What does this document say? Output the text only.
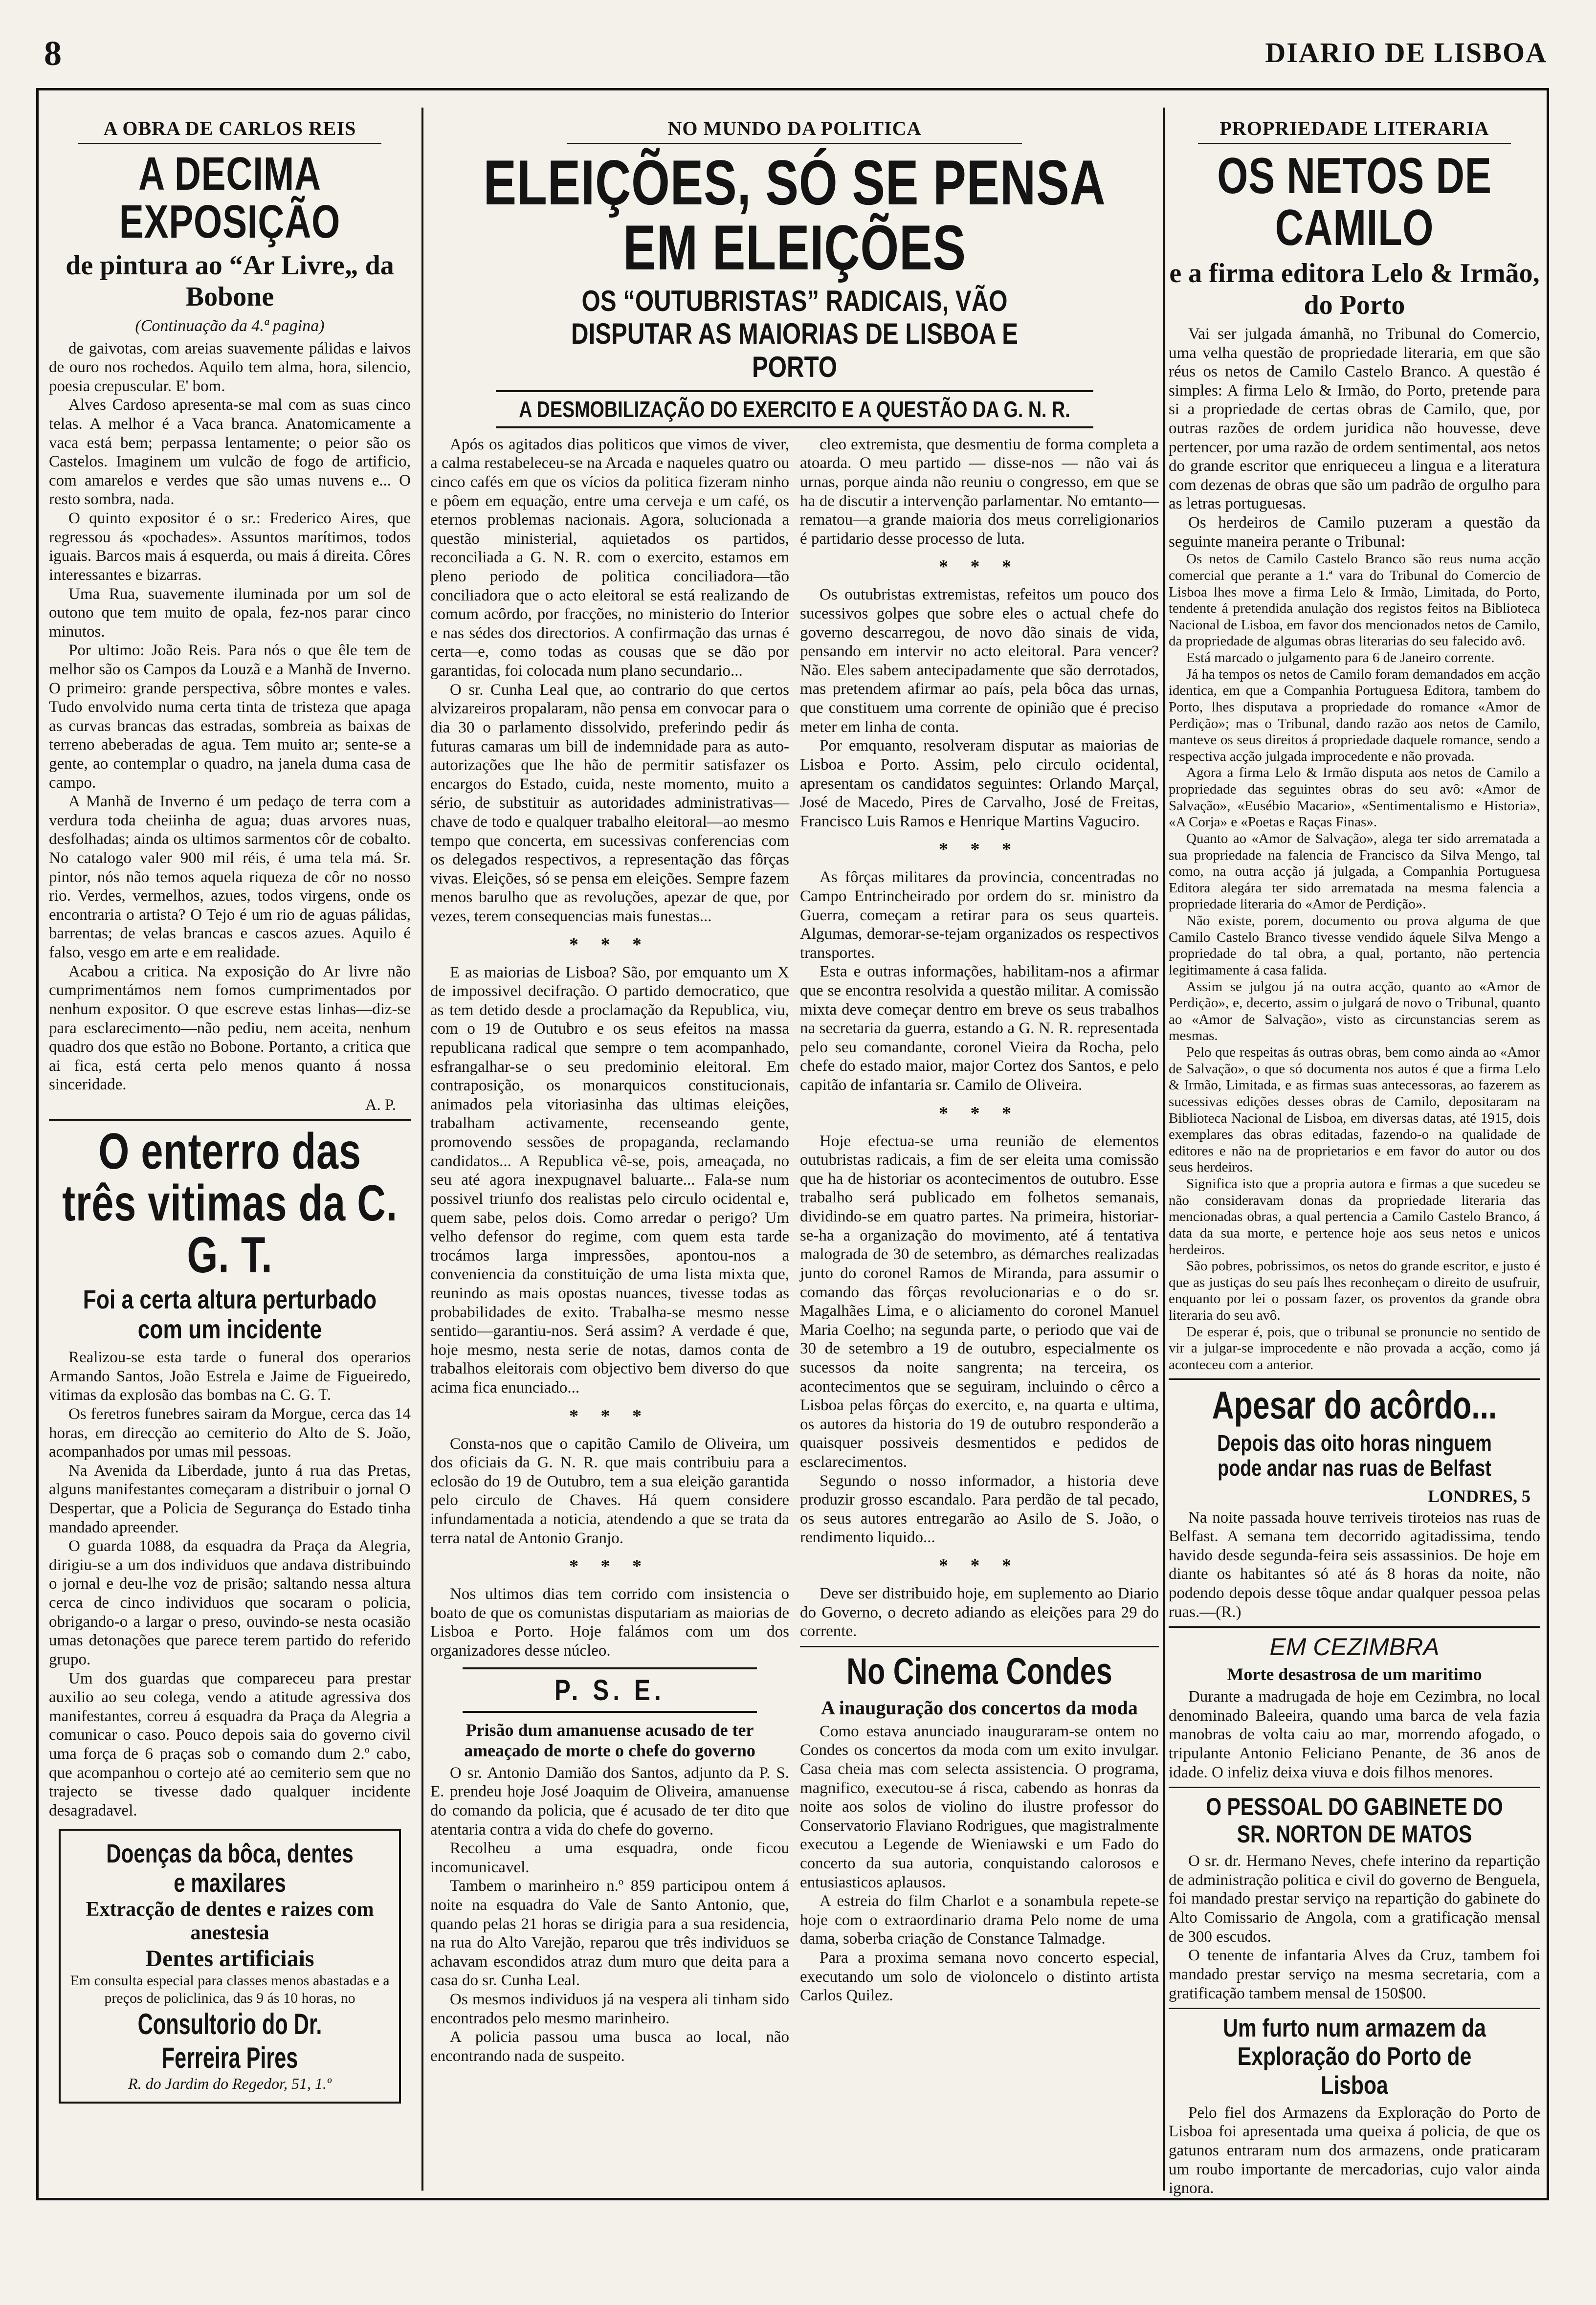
8	DIARIO DE LISBOA
A OBRA DE CARLOS REIS
A DECIMA EXPOSIÇÃO
de pintura ao “Ar Livre„ da Bobone
(Continuação da 4.ª pagina)

de gaivotas, com areias suavemente pálidas e laivos de ouro nos rochedos. Aquilo tem alma, hora, silencio, poesia crepuscular. E' bom.

Alves Cardoso apresenta-se mal com as suas cinco telas. A melhor é a Vaca branca. Anatomicamente a vaca está bem; perpassa lentamente; o peior são os Castelos. Imaginem um vulcão de fogo de artificio, com amarelos e verdes que são umas nuvens e... O resto sombra, nada.

O quinto expositor é o sr.: Frederico Aires, que regressou ás «pochades». Assuntos marítimos, todos iguais. Barcos mais á esquerda, ou mais á direita. Côres interessantes e bizarras.

Uma Rua, suavemente iluminada por um sol de outono que tem muito de opala, fez-nos parar cinco minutos.

Por ultimo: João Reis. Para nós o que êle tem de melhor são os Campos da Louzã e a Manhã de Inverno. O primeiro: grande perspectiva, sôbre montes e vales. Tudo envolvido numa certa tinta de tristeza que apaga as curvas brancas das estradas, sombreia as baixas de terreno abeberadas de agua. Tem muito ar; sente-se a gente, ao contemplar o quadro, na janela duma casa de campo.

A Manhã de Inverno é um pedaço de terra com a verdura toda cheiinha de agua; duas arvores nuas, desfolhadas; ainda os ultimos sarmentos côr de cobalto. No catalogo valer 900 mil réis, é uma tela má. Sr. pintor, nós não temos aquela riqueza de côr no nosso rio. Verdes, vermelhos, azues, todos virgens, onde os encontraria o artista? O Tejo é um rio de aguas pálidas, barrentas; de velas brancas e cascos azues. Aquilo é falso, vesgo em arte e em realidade.

Acabou a critica. Na exposição do Ar livre não cumprimentámos nem fomos cumprimentados por nenhum expositor. O que escreve estas linhas—diz-se para esclarecimento—não pediu, nem aceita, nenhum quadro dos que estão no Bobone. Portanto, a critica que ai fica, está certa pelo menos quanto á nossa sinceridade.

A. P.
O enterro das três vitimas da C. G. T.
Foi a certa altura perturbado com um incidente

Realizou-se esta tarde o funeral dos operarios Armando Santos, João Estrela e Jaime de Figueiredo, vitimas da explosão das bombas na C. G. T.

Os feretros funebres sairam da Morgue, cerca das 14 horas, em direcção ao cemiterio do Alto de S. João, acompanhados por umas mil pessoas.

Na Avenida da Liberdade, junto á rua das Pretas, alguns manifestantes começaram a distribuir o jornal O Despertar, que a Policia de Segurança do Estado tinha mandado apreender.

O guarda 1088, da esquadra da Praça da Alegria, dirigiu-se a um dos individuos que andava distribuindo o jornal e deu-lhe voz de prisão; saltando nessa altura cerca de cinco individuos que socaram o policia, obrigando-o a largar o preso, ouvindo-se nesta ocasião umas detonações que parece terem partido do referido grupo.

Um dos guardas que compareceu para prestar auxilio ao seu colega, vendo a atitude agressiva dos manifestantes, correu á esquadra da Praça da Alegria a comunicar o caso. Pouco depois saia do governo civil uma força de 6 praças sob o comando dum 2.º cabo, que acompanhou o cortejo até ao cemiterio sem que no trajecto se tivesse dado qualquer incidente desagradavel.

Doenças da bôca, dentes e maxilares
Extracção de dentes e raizes com anestesia
Dentes artificiais
Em consulta especial para classes menos abastadas e a preços de policlinica, das 9 ás 10 horas, no
Consultorio do Dr. Ferreira Pires
R. do Jardim do Regedor, 51, 1.º
NO MUNDO DA POLITICA
ELEIÇÕES, SÓ SE PENSA EM ELEIÇÕES
OS “OUTUBRISTAS” RADICAIS, VÃO DISPUTAR AS MAIORIAS DE LISBOA E PORTO
A DESMOBILIZAÇÃO DO EXERCITO E A QUESTÃO DA G. N. R.

Após os agitados dias politicos que vimos de viver, a calma restabeleceu-se na Arcada e naqueles quatro ou cinco cafés em que os vícios da politica fizeram ninho e pôem em equação, entre uma cerveja e um café, os eternos problemas nacionais. Agora, solucionada a questão ministerial, aquietados os partidos, reconciliada a G. N. R. com o exercito, estamos em pleno periodo de politica conciliadora—tão conciliadora que o acto eleitoral se está realizando de comum acôrdo, por fracções, no ministerio do Interior e nas sédes dos directorios. A confirmação das urnas é certa—e, como todas as cousas que se dão por garantidas, foi colocada num plano secundario...

O sr. Cunha Leal que, ao contrario do que certos alvizareiros propalaram, não pensa em convocar para o dia 30 o parlamento dissolvido, preferindo pedir ás futuras camaras um bill de indemnidade para as auto-autorizações que lhe hão de permitir satisfazer os encargos do Estado, cuida, neste momento, muito a sério, de substituir as autoridades administrativas—chave de todo e qualquer trabalho eleitoral—ao mesmo tempo que concerta, em sucessivas conferencias com os delegados respectivos, a representação das fôrças vivas. Eleições, só se pensa em eleições. Sempre fazem menos barulho que as revoluções, apezar de que, por vezes, terem consequencias mais funestas...

* * *

E as maiorias de Lisboa? São, por emquanto um X de impossivel decifração. O partido democratico, que as tem detido desde a proclamação da Republica, viu, com o 19 de Outubro e os seus efeitos na massa republicana radical que sempre o tem acompanhado, esfrangalhar-se o seu predominio eleitoral. Em contraposição, os monarquicos constitucionais, animados pela vitoriasinha das ultimas eleições, trabalham activamente, recenseando gente, promovendo sessões de propaganda, reclamando candidatos... A Republica vê-se, pois, ameaçada, no seu até agora inexpugnavel baluarte... Fala-se num possivel triunfo dos realistas pelo circulo ocidental e, quem sabe, pelos dois. Como arredar o perigo? Um velho defensor do regime, com quem esta tarde trocámos larga impressões, apontou-nos a conveniencia da constituição de uma lista mixta que, reunindo as mais opostas nuances, tivesse todas as probabilidades de exito. Trabalha-se mesmo nesse sentido—garantiu-nos. Será assim? A verdade é que, hoje mesmo, nesta serie de notas, damos conta de trabalhos eleitorais com objectivo bem diverso do que acima fica enunciado...

* * *

Consta-nos que o capitão Camilo de Oliveira, um dos oficiais da G. N. R. que mais contribuiu para a eclosão do 19 de Outubro, tem a sua eleição garantida pelo circulo de Chaves. Há quem considere infundamentada a noticia, atendendo a que se trata da terra natal de Antonio Granjo.

* * *

Nos ultimos dias tem corrido com insistencia o boato de que os comunistas disputariam as maiorias de Lisboa e Porto. Hoje falámos com um dos organizadores desse núcleo.

P. S. E.
Prisão dum amanuense acusado de ter ameaçado de morte o chefe do governo

O sr. Antonio Damião dos Santos, adjunto da P. S. E. prendeu hoje José Joaquim de Oliveira, amanuense do comando da policia, que é acusado de ter dito que atentaria contra a vida do chefe do governo.

Recolheu a uma esquadra, onde ficou incomunicavel.

Tambem o marinheiro n.º 859 participou ontem á noite na esquadra do Vale de Santo Antonio, que, quando pelas 21 horas se dirigia para a sua residencia, na rua do Alto Varejão, reparou que três individuos se achavam escondidos atraz dum muro que deita para a casa do sr. Cunha Leal.

Os mesmos individuos já na vespera ali tinham sido encontrados pelo mesmo marinheiro.

A policia passou uma busca ao local, não encontrando nada de suspeito.

cleo extremista, que desmentiu de forma completa a atoarda. O meu partido — disse-nos — não vai ás urnas, porque ainda não reuniu o congresso, em que se ha de discutir a intervenção parlamentar. No emtanto—rematou—a grande maioria dos meus correligionarios é partidario desse processo de luta.

* * *

Os outubristas extremistas, refeitos um pouco dos sucessivos golpes que sobre eles o actual chefe do governo descarregou, de novo dão sinais de vida, pensando em intervir no acto eleitoral. Para vencer? Não. Eles sabem antecipadamente que são derrotados, mas pretendem afirmar ao país, pela bôca das urnas, que constituem uma corrente de opinião que é preciso meter em linha de conta.

Por emquanto, resolveram disputar as maiorias de Lisboa e Porto. Assim, pelo circulo ocidental, apresentam os candidatos seguintes: Orlando Marçal, José de Macedo, Pires de Carvalho, José de Freitas, Francisco Luis Ramos e Henrique Martins Vaguciro.

* * *

As fôrças militares da provincia, concentradas no Campo Entrincheirado por ordem do sr. ministro da Guerra, começam a retirar para os seus quarteis. Algumas, demorar-se-tejam organizados os respectivos transportes.

Esta e outras informações, habilitam-nos a afirmar que se encontra resolvida a questão militar. A comissão mixta deve começar dentro em breve os seus trabalhos na secretaria da guerra, estando a G. N. R. representada pelo seu comandante, coronel Vieira da Rocha, pelo chefe do estado maior, major Cortez dos Santos, e pelo capitão de infantaria sr. Camilo de Oliveira.

* * *

Hoje efectua-se uma reunião de elementos outubristas radicais, a fim de ser eleita uma comissão que ha de historiar os acontecimentos de outubro. Esse trabalho será publicado em folhetos semanais, dividindo-se em quatro partes. Na primeira, historiar-se-ha a organização do movimento, até á tentativa malograda de 30 de setembro, as démarches realizadas junto do coronel Ramos de Miranda, para assumir o comando das fôrças revolucionarias e o do sr. Magalhães Lima, e o aliciamento do coronel Manuel Maria Coelho; na segunda parte, o periodo que vai de 30 de setembro a 19 de outubro, especialmente os sucessos da noite sangrenta; na terceira, os acontecimentos que se seguiram, incluindo o cêrco a Lisboa pelas fôrças do exercito, e, na quarta e ultima, os autores da historia do 19 de outubro responderão a quaisquer possiveis desmentidos e pedidos de esclarecimentos.

Segundo o nosso informador, a historia deve produzir grosso escandalo. Para perdão de tal pecado, os seus autores entregarão ao Asilo de S. João, o rendimento liquido...

* * *

Deve ser distribuido hoje, em suplemento ao Diario do Governo, o decreto adiando as eleições para 29 do corrente.

No Cinema Condes
A inauguração dos concertos da moda

Como estava anunciado inauguraram-se ontem no Condes os concertos da moda com um exito invulgar. Casa cheia mas com selecta assistencia. O programa, magnifico, executou-se á risca, cabendo as honras da noite aos solos de violino do ilustre professor do Conservatorio Flaviano Rodrigues, que magistralmente executou a Legende de Wieniawski e um Fado do concerto da sua autoria, conquistando calorosos e entusiasticos aplausos.

A estreia do film Charlot e a sonambula repete-se hoje com o extraordinario drama Pelo nome de uma dama, soberba criação de Constance Talmadge.

Para a proxima semana novo concerto especial, executando um solo de violoncelo o distinto artista Carlos Quilez.

PROPRIEDADE LITERARIA
OS NETOS DE CAMILO
e a firma editora Lelo & Irmão, do Porto

Vai ser julgada ámanhã, no Tribunal do Comercio, uma velha questão de propriedade literaria, em que são réus os netos de Camilo Castelo Branco. A questão é simples: A firma Lelo & Irmão, do Porto, pretende para si a propriedade de certas obras de Camilo, que, por outras razões de ordem juridica não houvesse, deve pertencer, por uma razão de ordem sentimental, aos netos do grande escritor que enriqueceu a lingua e a literatura com dezenas de obras que são um padrão de orgulho para as letras portuguesas.

Os herdeiros de Camilo puzeram a questão da seguinte maneira perante o Tribunal:

Os netos de Camilo Castelo Branco são reus numa acção comercial que perante a 1.ª vara do Tribunal do Comercio de Lisboa lhes move a firma Lelo & Irmão, Limitada, do Porto, tendente á pretendida anulação dos registos feitos na Biblioteca Nacional de Lisboa, em favor dos mencionados netos de Camilo, da propriedade de algumas obras literarias do seu falecido avô.

Está marcado o julgamento para 6 de Janeiro corrente.

Já ha tempos os netos de Camilo foram demandados em acção identica, em que a Companhia Portuguesa Editora, tambem do Porto, lhes disputava a propriedade do romance «Amor de Perdição»; mas o Tribunal, dando razão aos netos de Camilo, manteve os seus direitos á propriedade daquele romance, sendo a respectiva acção julgada improcedente e não provada.

Agora a firma Lelo & Irmão disputa aos netos de Camilo a propriedade das seguintes obras do seu avô: «Amor de Salvação», «Eusébio Macario», «Sentimentalismo e Historia», «A Corja» e «Poetas e Raças Finas».

Quanto ao «Amor de Salvação», alega ter sido arrematada a sua propriedade na falencia de Francisco da Silva Mengo, tal como, na outra acção já julgada, a Companhia Portuguesa Editora alegára ter sido arrematada na mesma falencia a propriedade literaria do «Amor de Perdição».

Não existe, porem, documento ou prova alguma de que Camilo Castelo Branco tivesse vendido áquele Silva Mengo a propriedade do tal obra, a qual, portanto, não pertencia legitimamente á casa falida.

Assim se julgou já na outra acção, quanto ao «Amor de Perdição», e, decerto, assim o julgará de novo o Tribunal, quanto ao «Amor de Salvação», visto as circunstancias serem as mesmas.

Pelo que respeitas ás outras obras, bem como ainda ao «Amor de Salvação», o que só documenta nos autos é que a firma Lelo & Irmão, Limitada, e as firmas suas antecessoras, ao fazerem as sucessivas edições desses obras de Camilo, depositaram na Biblioteca Nacional de Lisboa, em diversas datas, até 1915, dois exemplares das obras editadas, fazendo-o na qualidade de editores e não na de proprietarios e em favor do autor ou dos seus herdeiros.

Significa isto que a propria autora e firmas a que sucedeu se não consideravam donas da propriedade literaria das mencionadas obras, a qual pertencia a Camilo Castelo Branco, á data da sua morte, e pertence hoje aos seus netos e unicos herdeiros.

São pobres, pobrissimos, os netos do grande escritor, e justo é que as justiças do seu país lhes reconheçam o direito de usufruir, enquanto por lei o possam fazer, os proventos da grande obra literaria do seu avô.

De esperar é, pois, que o tribunal se pronuncie no sentido de vir a julgar-se improcedente e não provada a acção, como já aconteceu com a anterior.

Apesar do acôrdo...
Depois das oito horas ninguem pode andar nas ruas de Belfast
LONDRES, 5

Na noite passada houve terriveis tiroteios nas ruas de Belfast. A semana tem decorrido agitadissima, tendo havido desde segunda-feira seis assassinios. De hoje em diante os habitantes só até ás 8 horas da noite, não podendo depois desse tôque andar qualquer pessoa pelas ruas.—(R.)

EM CEZIMBRA
Morte desastrosa de um maritimo

Durante a madrugada de hoje em Cezimbra, no local denominado Baleeira, quando uma barca de vela fazia manobras de volta caiu ao mar, morrendo afogado, o tripulante Antonio Feliciano Penante, de 36 anos de idade. O infeliz deixa viuva e dois filhos menores.

O PESSOAL DO GABINETE DO SR. NORTON DE MATOS

O sr. dr. Hermano Neves, chefe interino da repartição de administração politica e civil do governo de Benguela, foi mandado prestar serviço na repartição do gabinete do Alto Comissario de Angola, com a gratificação mensal de 300 escudos.

O tenente de infantaria Alves da Cruz, tambem foi mandado prestar serviço na mesma secretaria, com a gratificação tambem mensal de 150$00.

Um furto num armazem da Exploração do Porto de Lisboa

Pelo fiel dos Armazens da Exploração do Porto de Lisboa foi apresentada uma queixa á policia, de que os gatunos entraram num dos armazens, onde praticaram um roubo importante de mercadorias, cujo valor ainda ignora.
